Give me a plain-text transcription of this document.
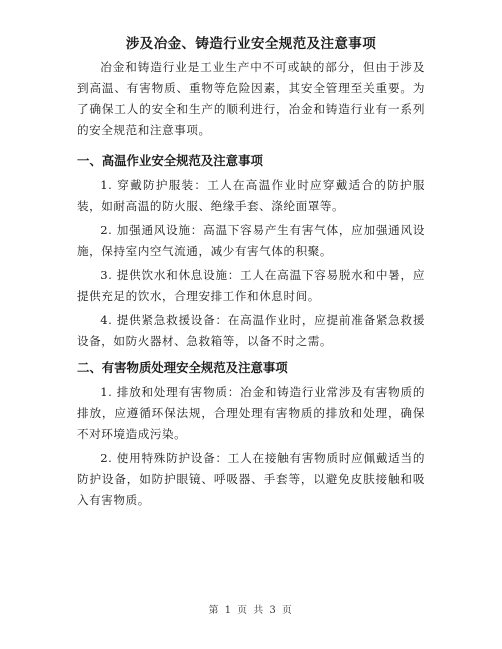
涉及冶金、铸造行业安全规范及注意事项

冶金和铸造行业是工业生产中不可或缺的部分，但由于涉及到高温、有害物质、重物等危险因素，其安全管理至关重要。为了确保工人的安全和生产的顺利进行，冶金和铸造行业有一系列的安全规范和注意事项。

一、高温作业安全规范及注意事项

1. 穿戴防护服装：工人在高温作业时应穿戴适合的防护服装，如耐高温的防火服、绝缘手套、涤纶面罩等。

2. 加强通风设施：高温下容易产生有害气体，应加强通风设施，保持室内空气流通，减少有害气体的积聚。

3. 提供饮水和休息设施：工人在高温下容易脱水和中暑，应提供充足的饮水，合理安排工作和休息时间。

4. 提供紧急救援设备：在高温作业时，应提前准备紧急救援设备，如防火器材、急救箱等，以备不时之需。

二、有害物质处理安全规范及注意事项

1. 排放和处理有害物质：冶金和铸造行业常涉及有害物质的排放，应遵循环保法规，合理处理有害物质的排放和处理，确保不对环境造成污染。

2. 使用特殊防护设备：工人在接触有害物质时应佩戴适当的防护设备，如防护眼镜、呼吸器、手套等，以避免皮肤接触和吸入有害物质。

第 1 页 共 3 页
